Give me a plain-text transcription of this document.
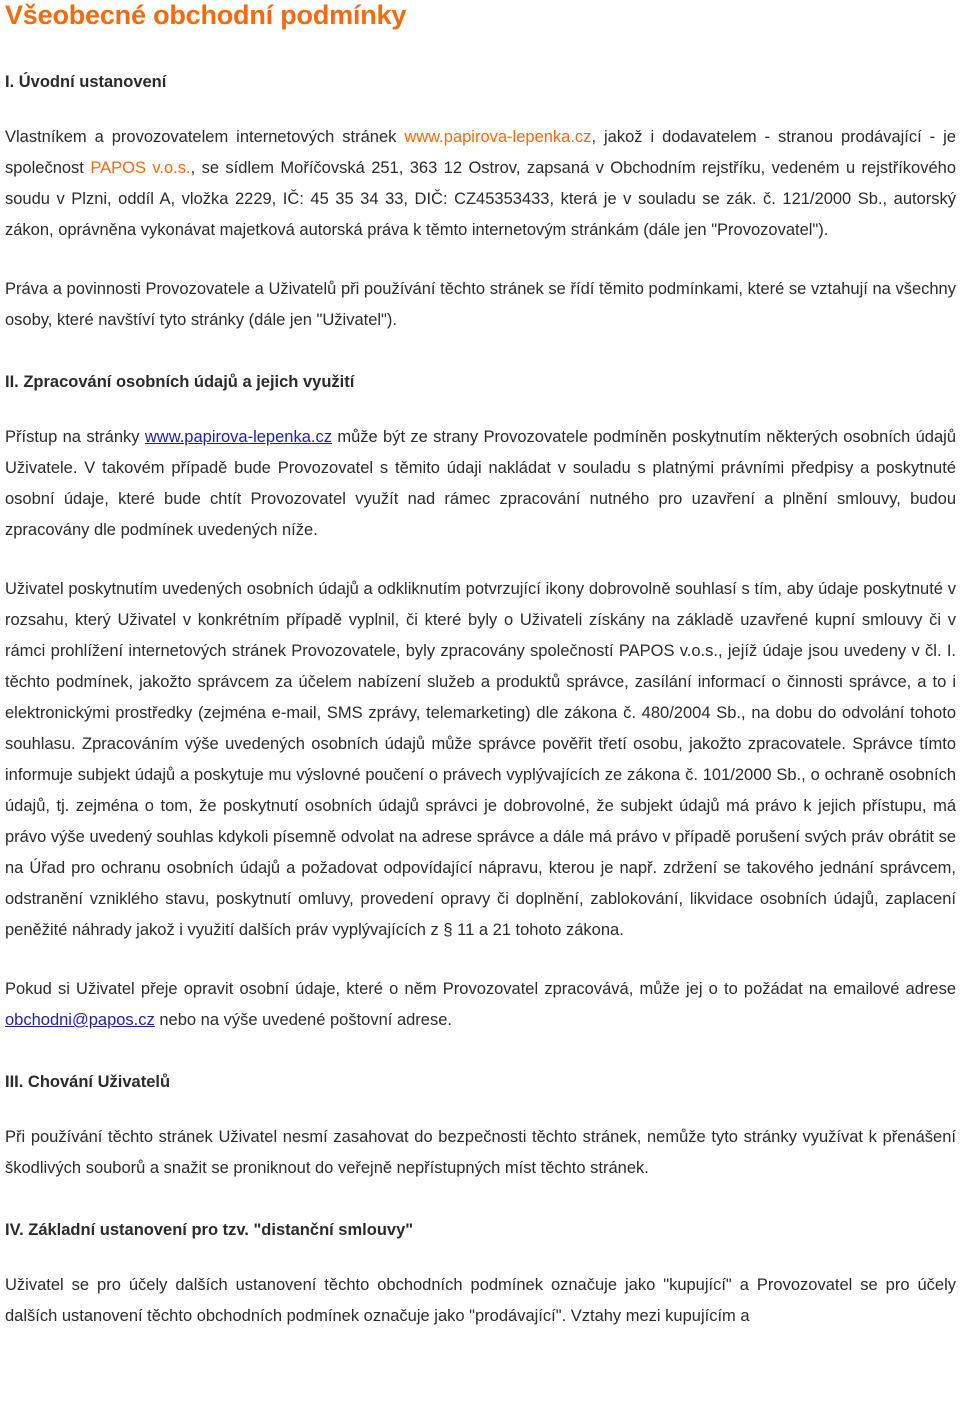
Všeobecné obchodní podmínky
I. Úvodní ustanovení

Vlastníkem a provozovatelem internetových stránek www.papirova-lepenka.cz, jakož i dodavatelem - stranou prodávající - je společnost PAPOS v.o.s., se sídlem Moříčovská 251, 363 12 Ostrov, zapsaná v Obchodním rejstříku, vedeném u rejstříkového soudu v Plzni, oddíl A, vložka 2229, IČ: 45 35 34 33, DIČ: CZ45353433, která je v souladu se zák. č. 121/2000 Sb., autorský zákon, oprávněna vykonávat majetková autorská práva k těmto internetovým stránkám (dále jen "Provozovatel").

Práva a povinnosti Provozovatele a Uživatelů při používání těchto stránek se řídí těmito podmínkami, které se vztahují na všechny osoby, které navštíví tyto stránky (dále jen "Uživatel").

II. Zpracování osobních údajů a jejich využití

Přístup na stránky www.papirova-lepenka.cz může být ze strany Provozovatele podmíněn poskytnutím některých osobních údajů Uživatele. V takovém případě bude Provozovatel s těmito údaji nakládat v souladu s platnými právními předpisy a poskytnuté osobní údaje, které bude chtít Provozovatel využít nad rámec zpracování nutného pro uzavření a plnění smlouvy, budou zpracovány dle podmínek uvedených níže.

Uživatel poskytnutím uvedených osobních údajů a odkliknutím potvrzující ikony dobrovolně souhlasí s tím, aby údaje poskytnuté v rozsahu, který Uživatel v konkrétním případě vyplnil, či které byly o Uživateli získány na základě uzavřené kupní smlouvy či v rámci prohlížení internetových stránek Provozovatele, byly zpracovány společností PAPOS v.o.s., jejíž údaje jsou uvedeny v čl. I. těchto podmínek, jakožto správcem za účelem nabízení služeb a produktů správce, zasílání informací o činnosti správce, a to i elektronickými prostředky (zejména e-mail, SMS zprávy, telemarketing) dle zákona č. 480/2004 Sb., na dobu do odvolání tohoto souhlasu. Zpracováním výše uvedených osobních údajů může správce pověřit třetí osobu, jakožto zpracovatele. Správce tímto informuje subjekt údajů a poskytuje mu výslovné poučení o právech vyplývajících ze zákona č. 101/2000 Sb., o ochraně osobních údajů, tj. zejména o tom, že poskytnutí osobních údajů správci je dobrovolné, že subjekt údajů má právo k jejich přístupu, má právo výše uvedený souhlas kdykoli písemně odvolat na adrese správce a dále má právo v případě porušení svých práv obrátit se na Úřad pro ochranu osobních údajů a požadovat odpovídající nápravu, kterou je např. zdržení se takového jednání správcem, odstranění vzniklého stavu, poskytnutí omluvy, provedení opravy či doplnění, zablokování, likvidace osobních údajů, zaplacení peněžité náhrady jakož i využití dalších práv vyplývajících z § 11 a 21 tohoto zákona.

Pokud si Uživatel přeje opravit osobní údaje, které o něm Provozovatel zpracovává, může jej o to požádat na emailové adrese obchodni@papos.cz nebo na výše uvedené poštovní adrese.

III. Chování Uživatelů

Při používání těchto stránek Uživatel nesmí zasahovat do bezpečnosti těchto stránek, nemůže tyto stránky využívat k přenášení škodlivých souborů a snažit se proniknout do veřejně nepřístupných míst těchto stránek.

IV. Základní ustanovení pro tzv. "distanční smlouvy"

Uživatel se pro účely dalších ustanovení těchto obchodních podmínek označuje jako "kupující" a Provozovatel se pro účely dalších ustanovení těchto obchodních podmínek označuje jako "prodávající". Vztahy mezi kupujícím a
